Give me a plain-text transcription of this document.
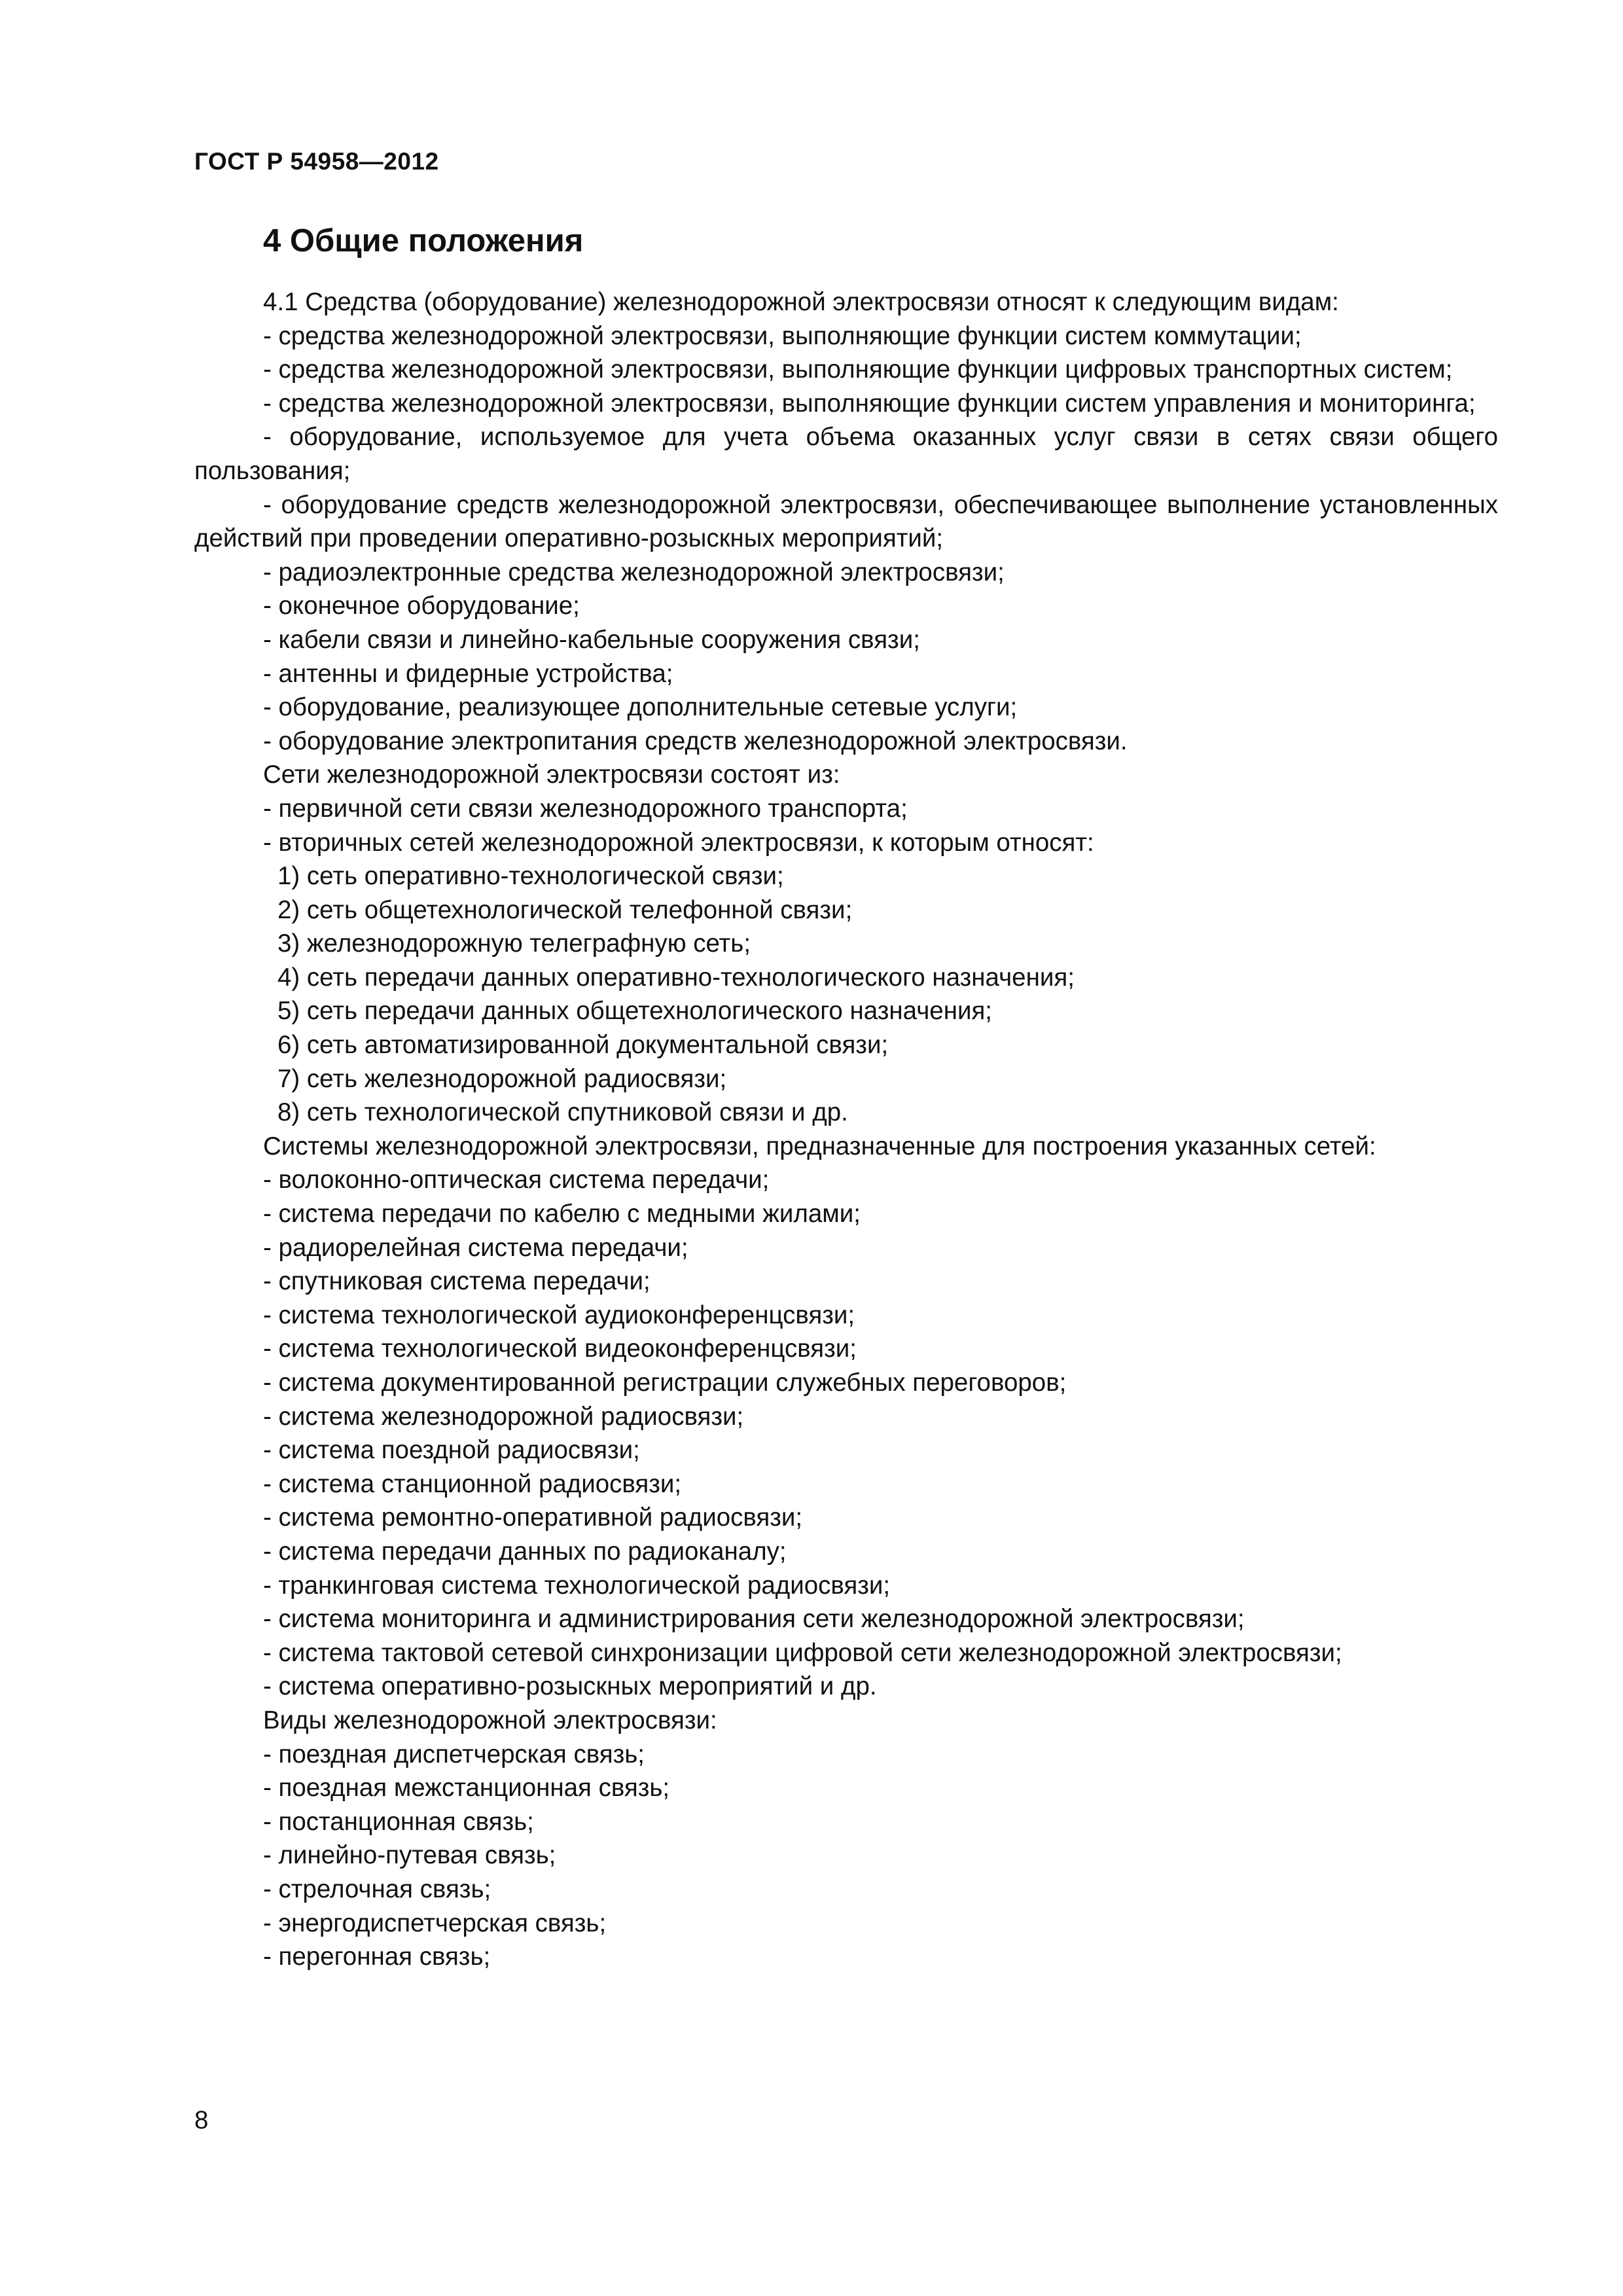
ГОСТ Р 54958—2012
4 Общие положения

4.1 Средства (оборудование) железнодорожной электросвязи относят к следующим видам:

- средства железнодорожной электросвязи, выполняющие функции систем коммутации;

- средства железнодорожной электросвязи, выполняющие функции цифровых транспортных систем;

- средства железнодорожной электросвязи, выполняющие функции систем управления и мониторинга;

- оборудование, используемое для учета объема оказанных услуг связи в сетях связи общего пользования;

- оборудование средств железнодорожной электросвязи, обеспечивающее выполнение установленных действий при проведении оперативно-розыскных мероприятий;

- радиоэлектронные средства железнодорожной электросвязи;

- оконечное оборудование;

- кабели связи и линейно-кабельные сооружения связи;

- антенны и фидерные устройства;

- оборудование, реализующее дополнительные сетевые услуги;

- оборудование электропитания средств железнодорожной электросвязи.

Сети железнодорожной электросвязи состоят из:

- первичной сети связи железнодорожного транспорта;

- вторичных сетей железнодорожной электросвязи, к которым относят:

1) сеть оперативно-технологической связи;

2) сеть общетехнологической телефонной связи;

3) железнодорожную телеграфную сеть;

4) сеть передачи данных оперативно-технологического назначения;

5) сеть передачи данных общетехнологического назначения;

6) сеть автоматизированной документальной связи;

7) сеть железнодорожной радиосвязи;

8) сеть технологической спутниковой связи и др.

Системы железнодорожной электросвязи, предназначенные для построения указанных сетей:

- волоконно-оптическая система передачи;

- система передачи по кабелю с медными жилами;

- радиорелейная система передачи;

- спутниковая система передачи;

- система технологической аудиоконференцсвязи;

- система технологической видеоконференцсвязи;

- система документированной регистрации служебных переговоров;

- система железнодорожной радиосвязи;

- система поездной радиосвязи;

- система станционной радиосвязи;

- система ремонтно-оперативной радиосвязи;

- система передачи данных по радиоканалу;

- транкинговая система технологической радиосвязи;

- система мониторинга и администрирования сети железнодорожной электросвязи;

- система тактовой сетевой синхронизации цифровой сети железнодорожной электросвязи;

- система оперативно-розыскных мероприятий и др.

Виды железнодорожной электросвязи:

- поездная диспетчерская связь;

- поездная межстанционная связь;

- постанционная связь;

- линейно-путевая связь;

- стрелочная связь;

- энергодиспетчерская связь;

- перегонная связь;

8
